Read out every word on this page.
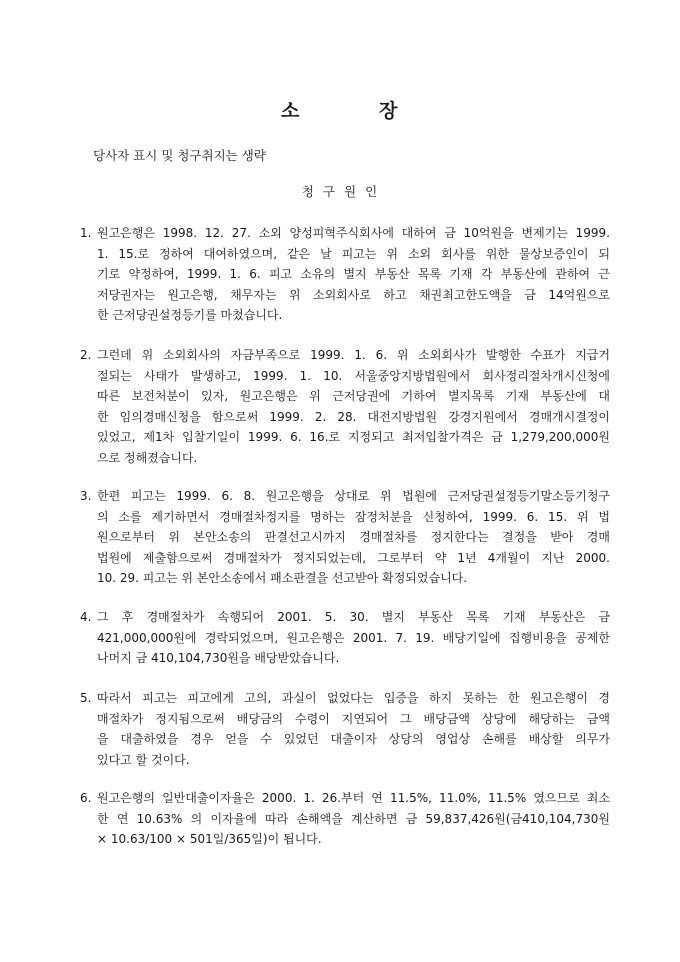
소	장
당사자 표시 및 청구취지는 생략
청구원인
1. 원고은행은 1998. 12. 27. 소외 양성피혁주식회사에 대하여 금 10억원을 변제기는 1999.
1. 15.로 정하여 대여하였으며, 같은 날 피고는 위 소외 회사를 위한 물상보증인이 되
기로 약정하여, 1999. 1. 6. 피고 소유의 별지 부동산 목록 기재 각 부동산에 관하여 근
저당권자는 원고은행, 채무자는 위 소외회사로 하고 채권최고한도액을 금 14억원으로
한 근저당권설정등기를 마쳤습니다.
2. 그런데 위 소외회사의 자금부족으로 1999. 1. 6. 위 소외회사가 발행한 수표가 지급거
절되는 사태가 발생하고, 1999. 1. 10. 서울중앙지방법원에서 회사정리절차개시신청에
따른 보전처분이 있자, 원고은행은 위 근저당권에 기하여 별지목록 기재 부동산에 대
한 임의경매신청을 함으로써 1999. 2. 28. 대전지방법원 강경지원에서 경매개시결정이
있었고, 제1차 입찰기일이 1999. 6. 16.로 지정되고 최저입찰가격은 금 1,279,200,000원
으로 정해졌습니다.
3. 한편 피고는 1999. 6. 8. 원고은행을 상대로 위 법원에 근저당권설정등기말소등기청구
의 소를 제기하면서 경매절차정지를 명하는 잠정처분을 신청하여, 1999. 6. 15. 위 법
원으로부터 위 본안소송의 판결선고시까지 경매절차를 정지한다는 결정을 받아 경매
법원에 제출함으로써 경매절차가 정지되었는데, 그로부터 약 1년 4개월이 지난 2000.
10. 29. 피고는 위 본안소송에서 패소판결을 선고받아 확정되었습니다.
4. 그 후 경매절차가 속행되어 2001. 5. 30. 별지 부동산 목록 기재 부동산은 금
421,000,000원에 경락되었으며, 원고은행은 2001. 7. 19. 배당기일에 집행비용을 공제한
나머지 금 410,104,730원을 배당받았습니다.
5. 따라서 피고는 피고에게 고의, 과실이 없었다는 입증을 하지 못하는 한 원고은행이 경
매절차가 정지됨으로써 배당금의 수령이 지연되어 그 배당금액 상당에 해당하는 금액
을 대출하였을 경우 얻을 수 있었던 대출이자 상당의 영업상 손해를 배상할 의무가
있다고 할 것이다.
6. 원고은행의 일반대출이자율은 2000. 1. 26.부터 연 11.5%, 11.0%, 11.5% 였으므로 최소
한 연 10.63% 의 이자율에 따라 손해액을 계산하면 금 59,837,426원(금410,104,730원
× 10.63/100 × 501일/365일)이 됩니다.
